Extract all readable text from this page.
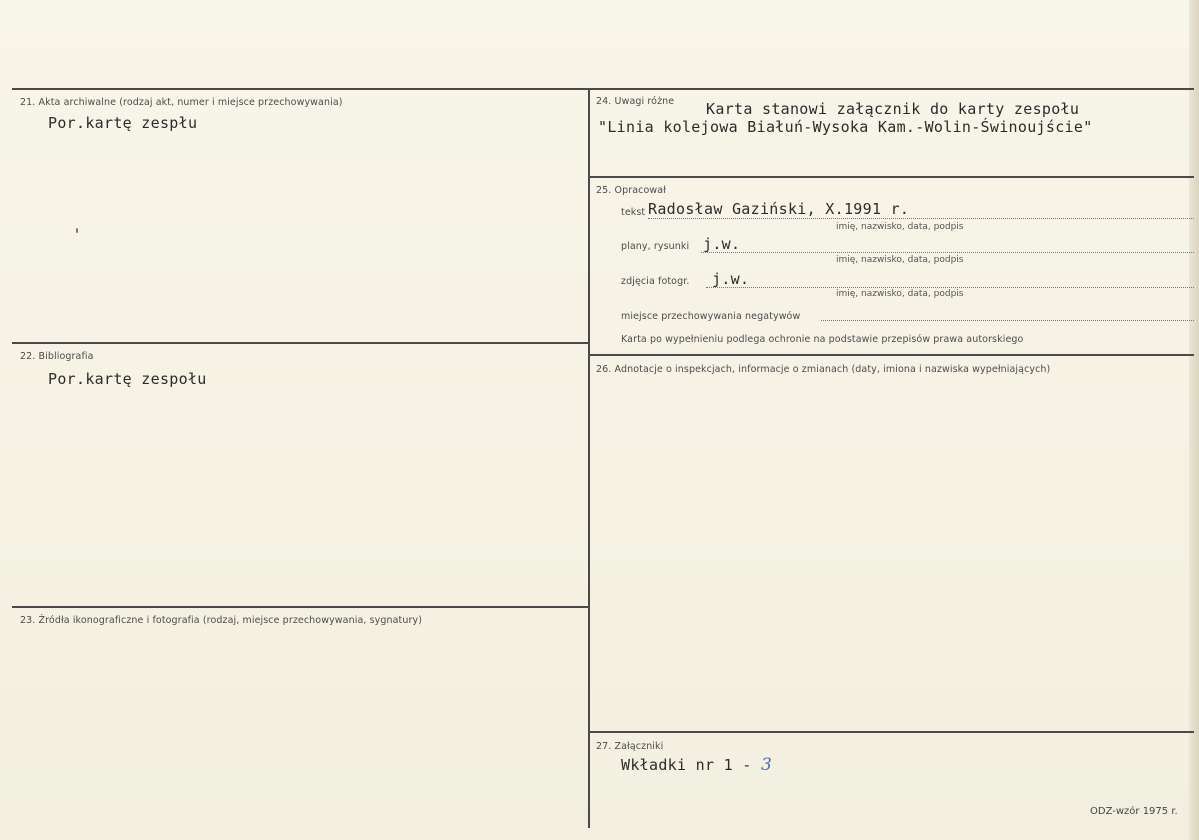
21. Akta archiwalne (rodzaj akt, numer i miejsce przechowywania)
Por.kartę zespłu
22. Bibliografia
Por.kartę zespołu
23. Źródła ikonograficzne i fotografia (rodzaj, miejsce przechowywania, sygnatury)
24. Uwagi różne Karta stanowi załącznik do karty zespołu
"Linia kolejowa Białuń-Wysoka Kam.-Wolin-Świnoujście"
25. Opracował
tekst Radosław Gaziński, X.1991 r.
imię, nazwisko, data, podpis
plany, rysunki j.w.
imię, nazwisko, data, podpis
zdjęcia fotogr. j.w.
imię, nazwisko, data, podpis
miejsce przechowywania negatywów
Karta po wypełnieniu podlega ochronie na podstawie przepisów prawa autorskiego
26. Adnotacje o inspekcjach, informacje o zmianach (daty, imiona i nazwiska wypełniających)
27. Załączniki
Wkładki nr 1 - 3
ODZ-wzór 1975 r.
